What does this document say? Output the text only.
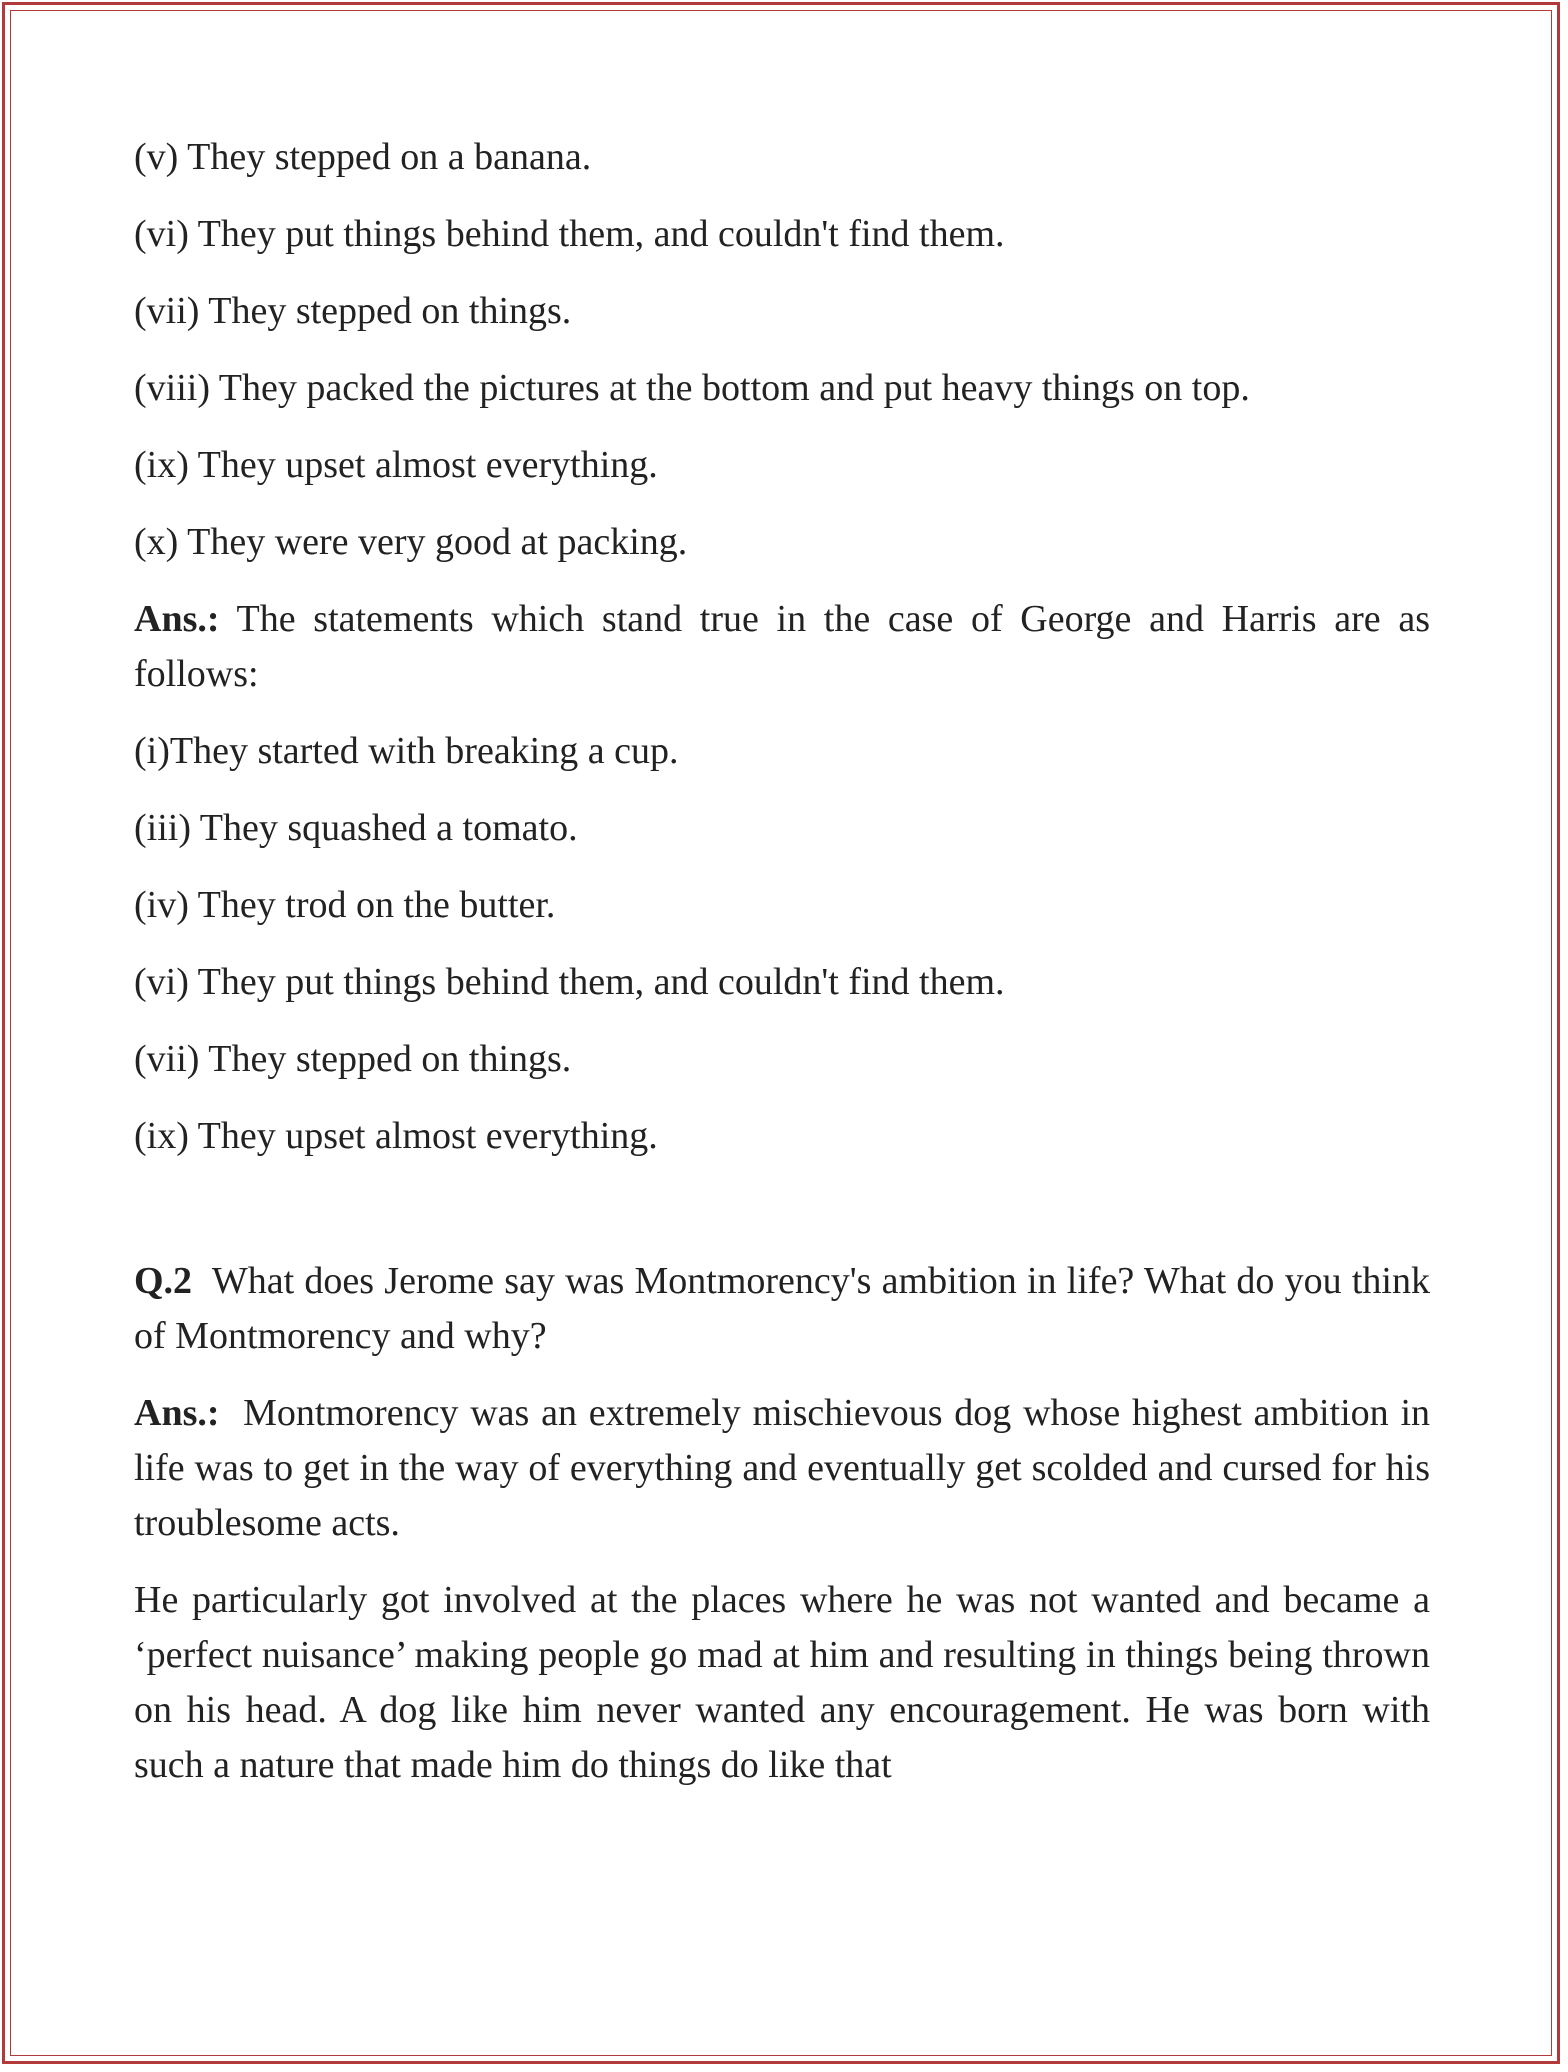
(v) They stepped on a banana.
(vi) They put things behind them, and couldn't find them.
(vii) They stepped on things.
(viii) They packed the pictures at the bottom and put heavy things on top.
(ix) They upset almost everything.
(x) They were very good at packing.
Ans.: The statements which stand true in the case of George and Harris are as follows:
(i)They started with breaking a cup.
(iii) They squashed a tomato.
(iv) They trod on the butter.
(vi) They put things behind them, and couldn't find them.
(vii) They stepped on things.
(ix) They upset almost everything.
Q.2 What does Jerome say was Montmorency's ambition in life? What do you think of Montmorency and why?
Ans.: Montmorency was an extremely mischievous dog whose highest ambition in life was to get in the way of everything and eventually get scolded and cursed for his troublesome acts.
He particularly got involved at the places where he was not wanted and became a ‘perfect nuisance’ making people go mad at him and resulting in things being thrown on his head. A dog like him never wanted any encouragement. He was born with such a nature that made him do things do like that
